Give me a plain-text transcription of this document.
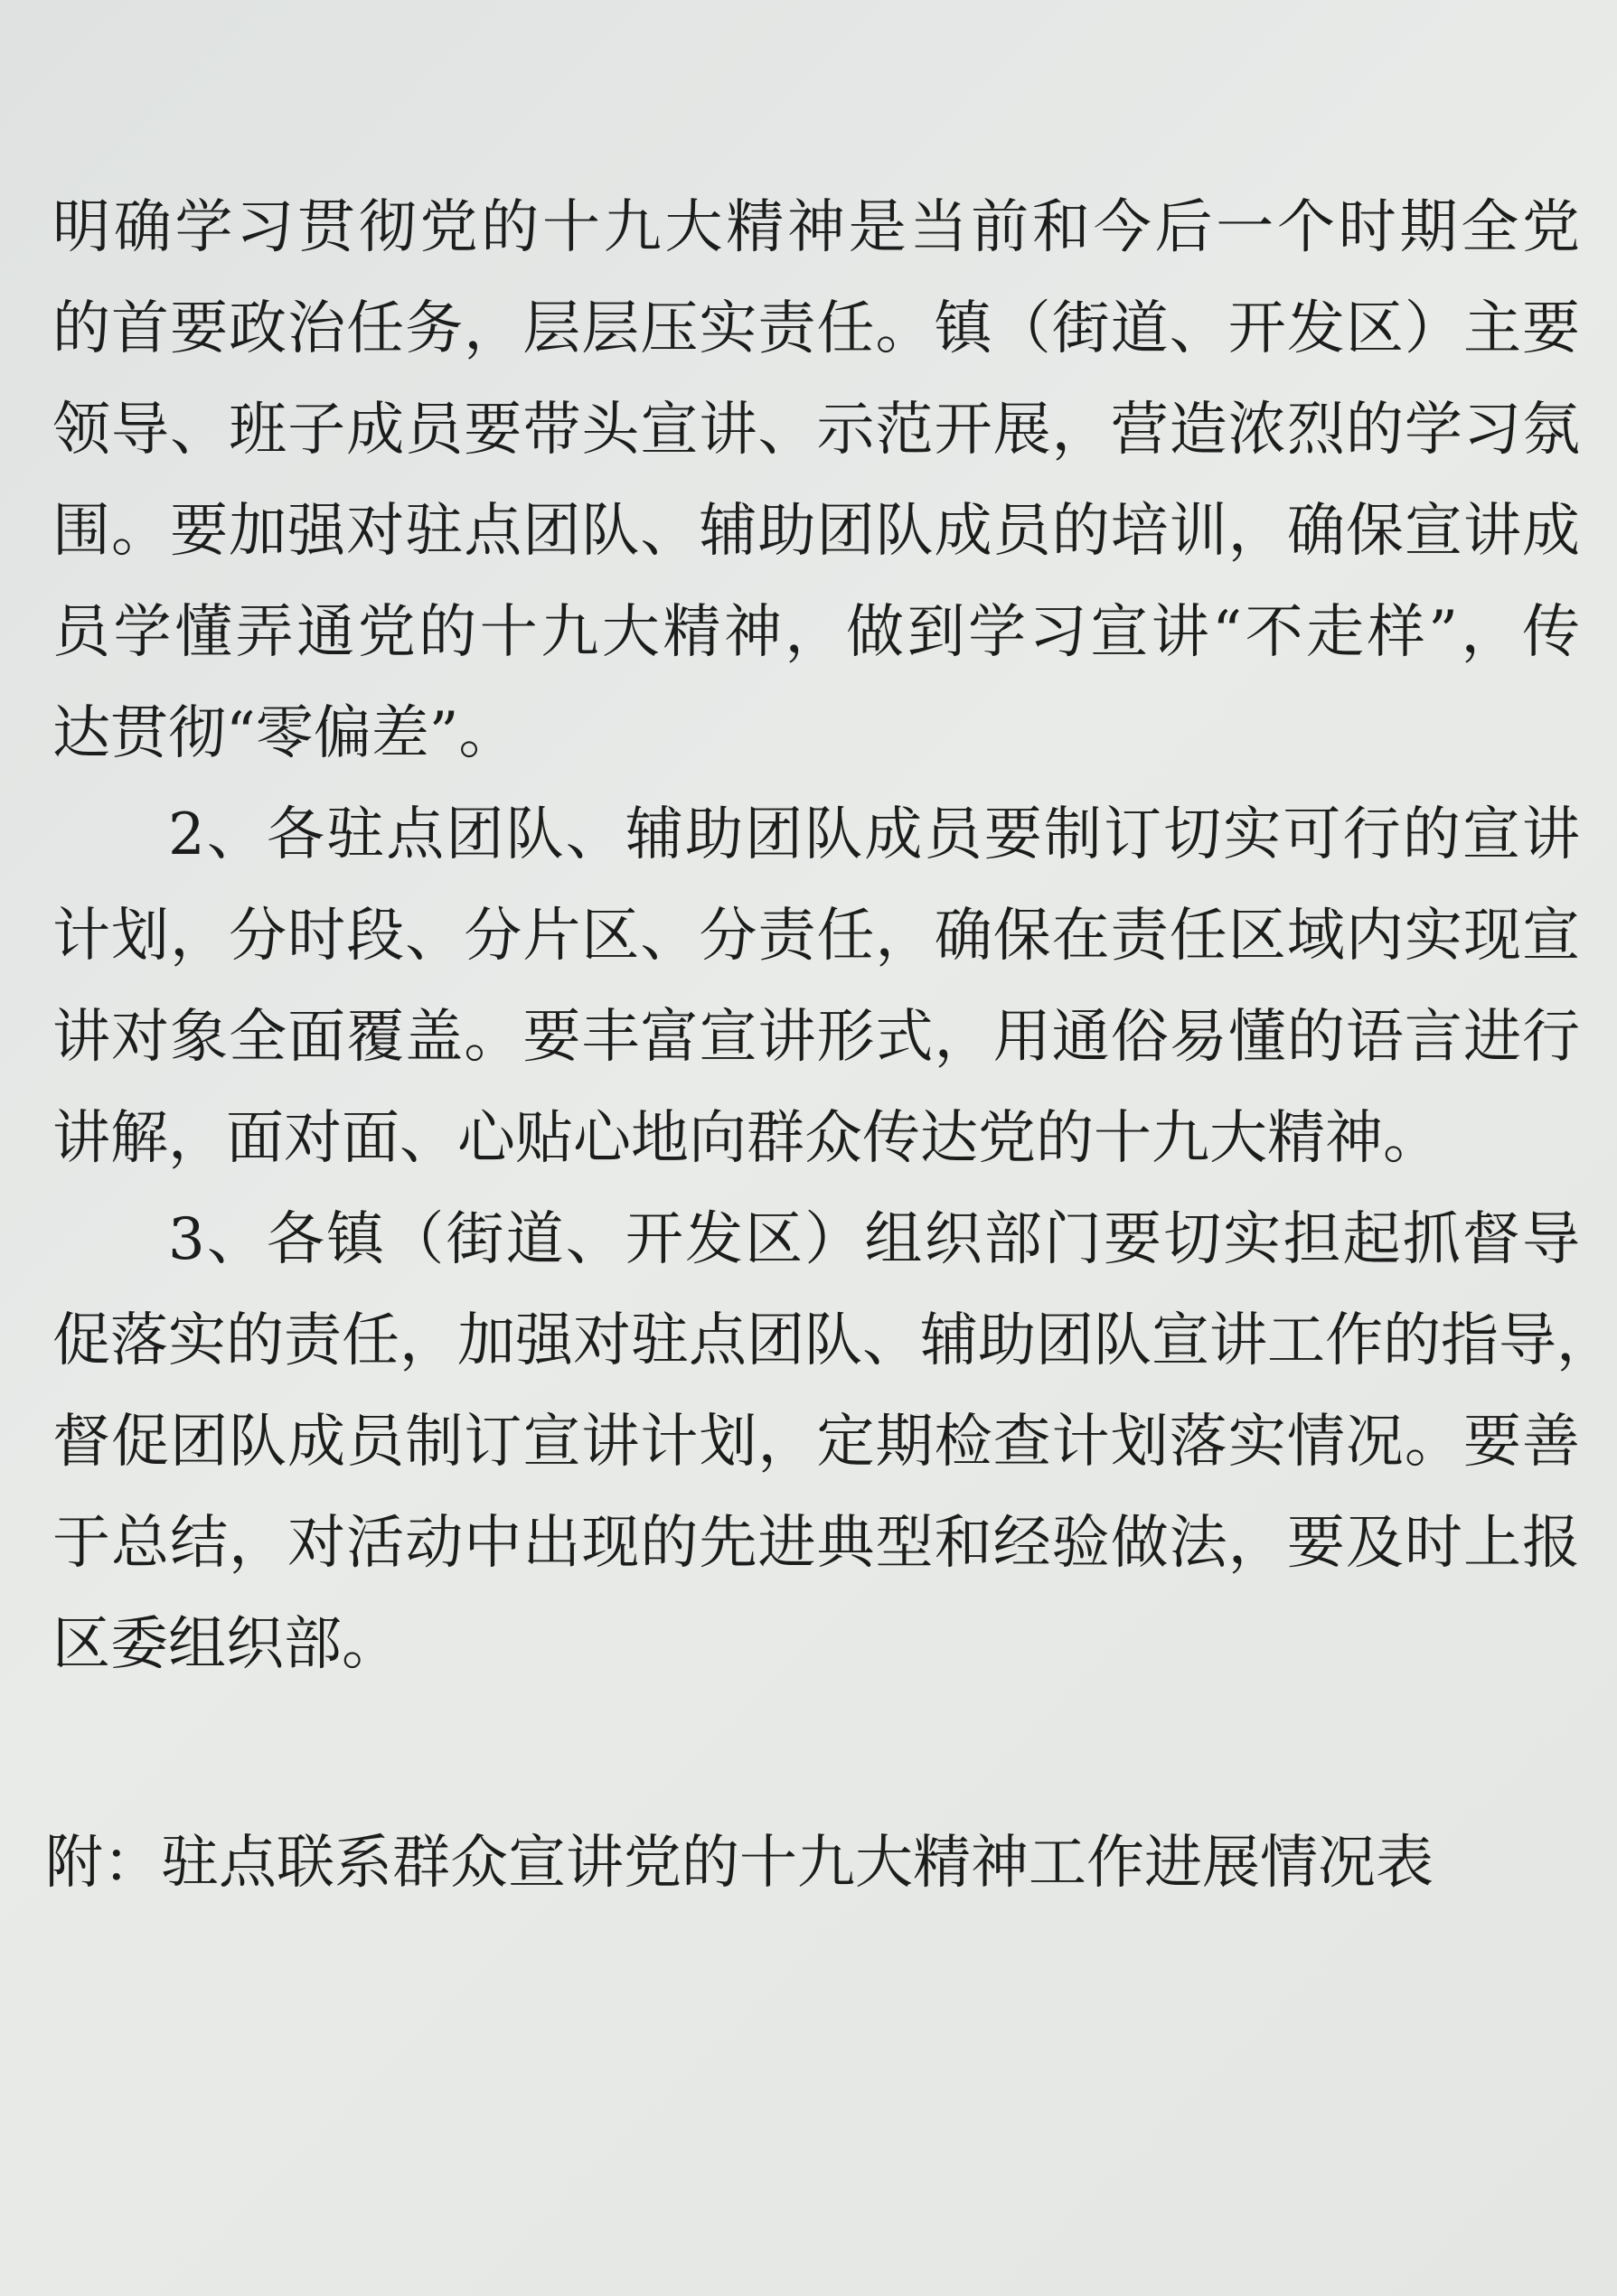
明确学习贯彻党的十九大精神是当前和今后一个时期全党
的首要政治任务，层层压实责任。镇（街道、开发区）主要
领导、班子成员要带头宣讲、示范开展，营造浓烈的学习氛
围。要加强对驻点团队、辅助团队成员的培训，确保宣讲成
员学懂弄通党的十九大精神，做到学习宣讲“不走样”，传
达贯彻“零偏差”。
2、各驻点团队、辅助团队成员要制订切实可行的宣讲
计划，分时段、分片区、分责任，确保在责任区域内实现宣
讲对象全面覆盖。要丰富宣讲形式，用通俗易懂的语言进行
讲解，面对面、心贴心地向群众传达党的十九大精神。
3、各镇（街道、开发区）组织部门要切实担起抓督导
促落实的责任，加强对驻点团队、辅助团队宣讲工作的指导，
督促团队成员制订宣讲计划，定期检查计划落实情况。要善
于总结，对活动中出现的先进典型和经验做法，要及时上报
区委组织部。
附：驻点联系群众宣讲党的十九大精神工作进展情况表
